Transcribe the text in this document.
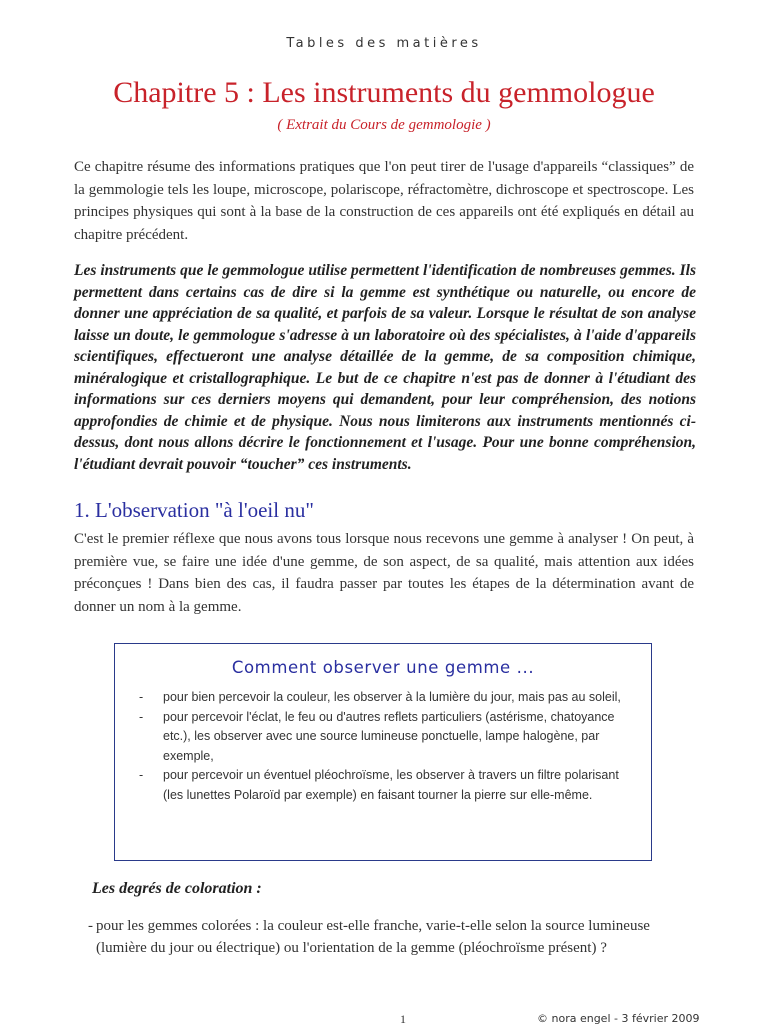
Tables des matières
Chapitre 5 : Les instruments du gemmologue
( Extrait du Cours de gemmologie )

Ce chapitre résume des informations pratiques que l'on peut tirer de l'usage d'appareils “classiques” de la gemmologie tels les loupe, microscope, polariscope, réfractomètre, dichroscope et spectroscope. Les principes physiques qui sont à la base de la construction de ces appareils ont été expliqués en détail au chapitre précédent.

Les instruments que le gemmologue utilise permettent l'identification de nombreuses gemmes. Ils permettent dans certains cas de dire si la gemme est synthétique ou naturelle, ou encore de donner une appréciation de sa qualité, et parfois de sa valeur. Lorsque le résultat de son analyse laisse un doute, le gemmologue s'adresse à un laboratoire où des spécialistes, à l'aide d'appareils scientifiques, effectueront une analyse détaillée de la gemme, de sa composition chimique, minéralogique et cristallographique. Le but de ce chapitre n'est pas de donner à l'étudiant des informations sur ces derniers moyens qui demandent, pour leur compréhension, des notions approfondies de chimie et de physique. Nous nous limiterons aux instruments mentionnés ci-dessus, dont nous allons décrire le fonctionnement et l'usage. Pour une bonne compréhension, l'étudiant devrait pouvoir “toucher” ces instruments.

1. L'observation "à l'oeil nu"

C'est le premier réflexe que nous avons tous lorsque nous recevons une gemme à analyser ! On peut, à première vue, se faire une idée d'une gemme, de son aspect, de sa qualité, mais attention aux idées préconçues ! Dans bien des cas, il faudra passer par toutes les étapes de la détermination avant de donner un nom à la gemme.

Comment observer une gemme ...
- pour bien percevoir la couleur, les observer à la lumière du jour, mais pas au soleil,
- pour percevoir l'éclat, le feu ou d'autres reflets particuliers (astérisme, chatoyance etc.), les observer avec une source lumineuse ponctuelle, lampe halogène, par exemple,
- pour percevoir un éventuel pléochroïsme, les observer à travers un filtre polarisant (les lunettes Polaroïd par exemple) en faisant tourner la pierre sur elle-même.
Les degrés de coloration :
- pour les gemmes colorées : la couleur est-elle franche, varie-t-elle selon la source lumineuse (lumière du jour ou électrique) ou l'orientation de la gemme (pléochroïsme présent) ?
1	© nora engel - 3 février 2009
